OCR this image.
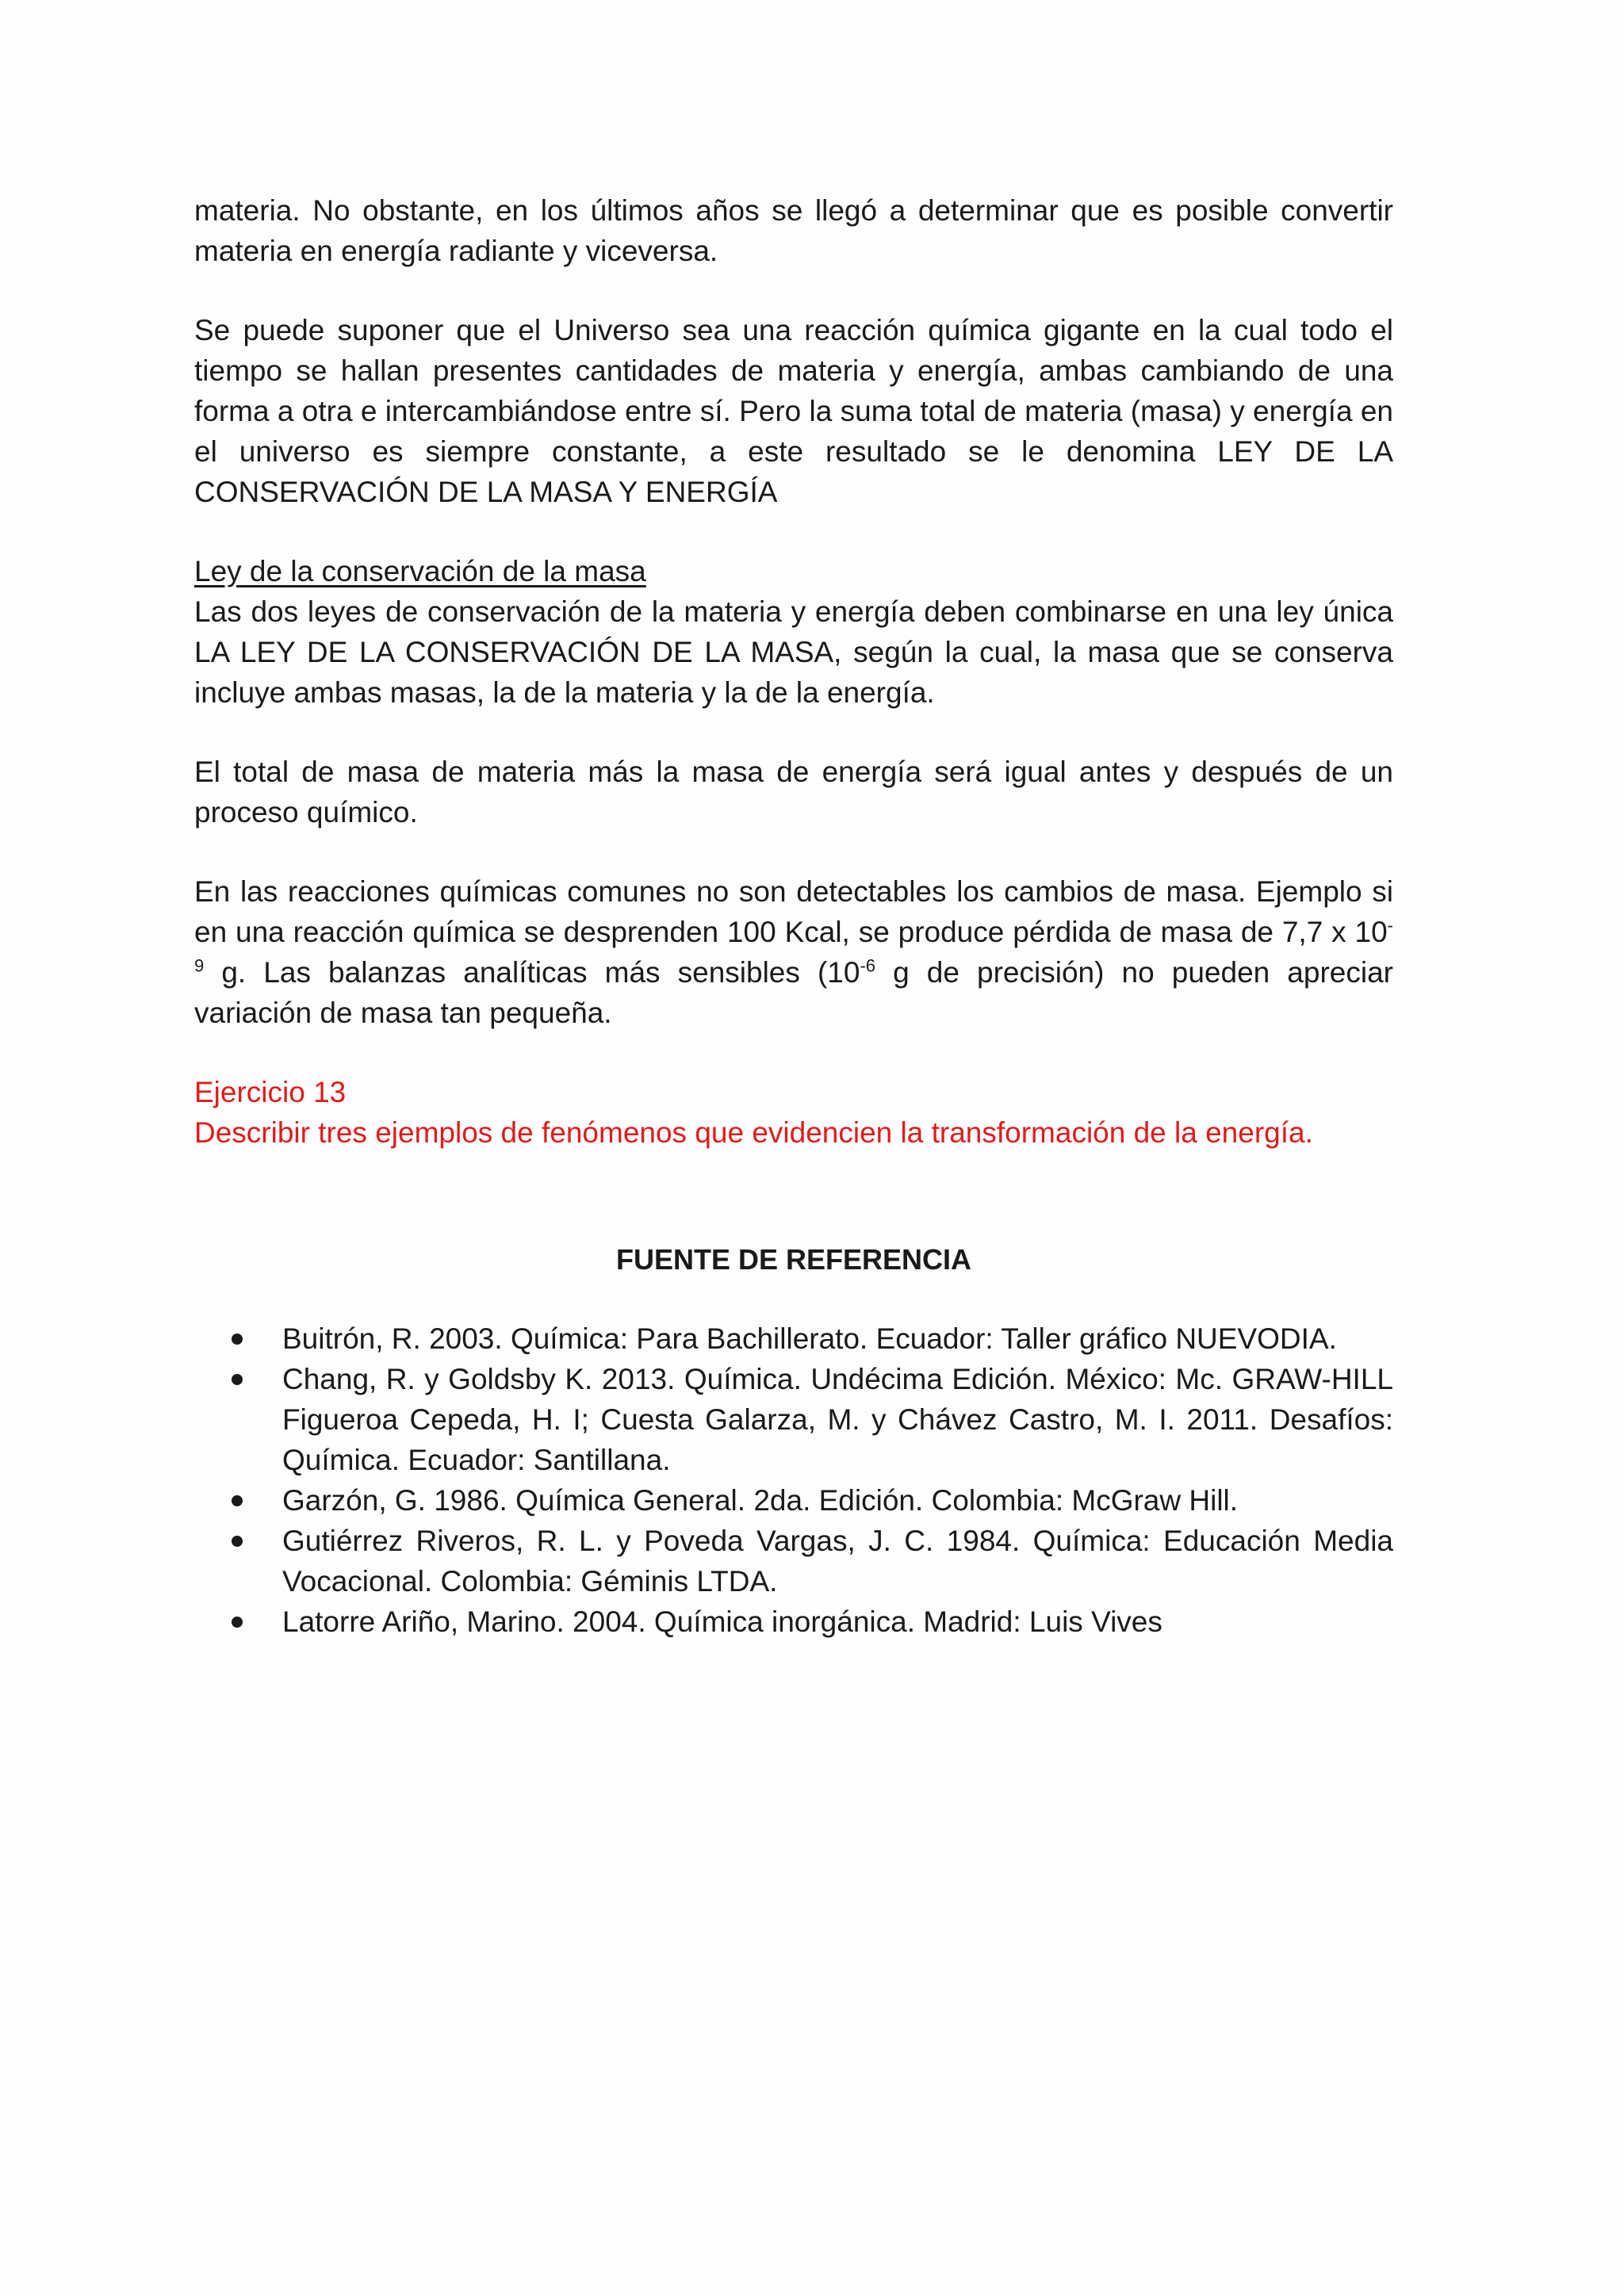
materia. No obstante, en los últimos años se llegó a determinar que es posible convertir materia en energía radiante y viceversa.

Se puede suponer que el Universo sea una reacción química gigante en la cual todo el tiempo se hallan presentes cantidades de materia y energía, ambas cambiando de una forma a otra e intercambiándose entre sí. Pero la suma total de materia (masa) y energía en el universo es siempre constante, a este resultado se le denomina LEY DE LA CONSERVACIÓN DE LA MASA Y ENERGÍA

Ley de la conservación de la masa

Las dos leyes de conservación de la materia y energía deben combinarse en una ley única LA LEY DE LA CONSERVACIÓN DE LA MASA, según la cual, la masa que se conserva incluye ambas masas, la de la materia y la de la energía.

El total de masa de materia más la masa de energía será igual antes y después de un proceso químico.

En las reacciones químicas comunes no son detectables los cambios de masa. Ejemplo si en una reacción química se desprenden 100 Kcal, se produce pérdida de masa de 7,7 x $10^{-9}$ g. Las balanzas analíticas más sensibles ($10^{-6}$ g de precisión) no pueden apreciar variación de masa tan pequeña.

Ejercicio 13
Describir tres ejemplos de fenómenos que evidencien la transformación de la energía.
FUENTE DE REFERENCIA
Buitrón, R. 2003. Química: Para Bachillerato. Ecuador: Taller gráfico NUEVODIA.
Chang, R. y Goldsby K. 2013. Química. Undécima Edición. México: Mc. GRAW-HILL Figueroa Cepeda, H. I; Cuesta Galarza, M. y Chávez Castro, M. I. 2011. Desafíos: Química. Ecuador: Santillana.
Garzón, G. 1986. Química General. 2da. Edición. Colombia: McGraw Hill.
Gutiérrez Riveros, R. L. y Poveda Vargas, J. C. 1984. Química: Educación Media Vocacional. Colombia: Géminis LTDA.
Latorre Ariño, Marino. 2004. Química inorgánica. Madrid: Luis Vives
